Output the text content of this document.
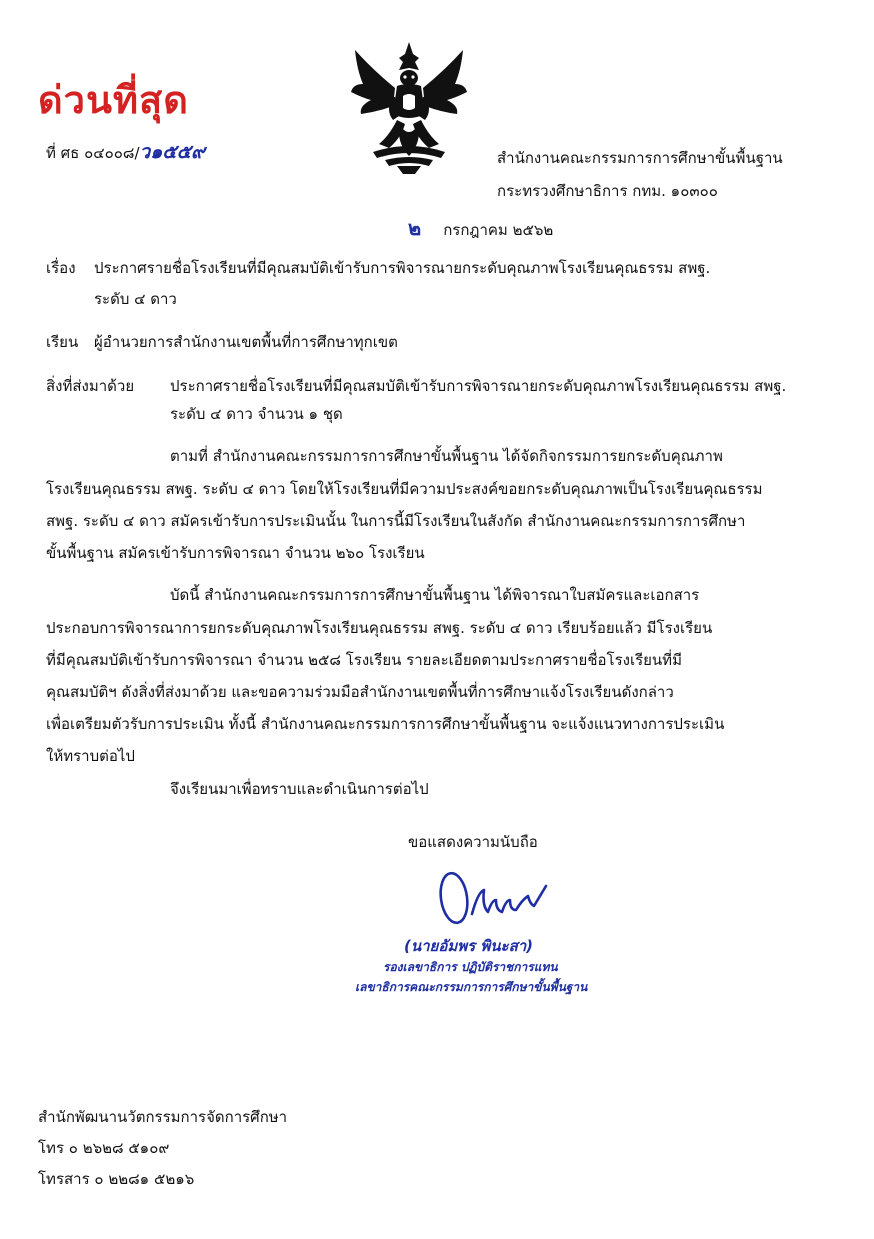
ด่วนที่สุด
ที่ ศธ ๐๔๐๐๘/ว๑๕๕๙	สำนักงานคณะกรรมการการศึกษาขั้นพื้นฐาน
กระทรวงศึกษาธิการ กทม. ๑๐๓๐๐
๒ กรกฎาคม ๒๕๖๒
เรื่อง ประกาศรายชื่อโรงเรียนที่มีคุณสมบัติเข้ารับการพิจารณายกระดับคุณภาพโรงเรียนคุณธรรม สพฐ.
ระดับ ๔ ดาว
เรียน ผู้อำนวยการสำนักงานเขตพื้นที่การศึกษาทุกเขต
สิ่งที่ส่งมาด้วย ประกาศรายชื่อโรงเรียนที่มีคุณสมบัติเข้ารับการพิจารณายกระดับคุณภาพโรงเรียนคุณธรรม สพฐ.
ระดับ ๔ ดาว จำนวน ๑ ชุด
ตามที่ สำนักงานคณะกรรมการการศึกษาขั้นพื้นฐาน ได้จัดกิจกรรมการยกระดับคุณภาพ
โรงเรียนคุณธรรม สพฐ. ระดับ ๔ ดาว โดยให้โรงเรียนที่มีความประสงค์ขอยกระดับคุณภาพเป็นโรงเรียนคุณธรรม
สพฐ. ระดับ ๔ ดาว สมัครเข้ารับการประเมินนั้น ในการนี้มีโรงเรียนในสังกัด สำนักงานคณะกรรมการการศึกษา
ขั้นพื้นฐาน สมัครเข้ารับการพิจารณา จำนวน ๒๖๐ โรงเรียน
บัดนี้ สำนักงานคณะกรรมการการศึกษาขั้นพื้นฐาน ได้พิจารณาใบสมัครและเอกสาร
ประกอบการพิจารณาการยกระดับคุณภาพโรงเรียนคุณธรรม สพฐ. ระดับ ๔ ดาว เรียบร้อยแล้ว มีโรงเรียน
ที่มีคุณสมบัติเข้ารับการพิจารณา จำนวน ๒๕๘ โรงเรียน รายละเอียดตามประกาศรายชื่อโรงเรียนที่มี
คุณสมบัติฯ ดังสิ่งที่ส่งมาด้วย และขอความร่วมมือสำนักงานเขตพื้นที่การศึกษาแจ้งโรงเรียนดังกล่าว
เพื่อเตรียมตัวรับการประเมิน ทั้งนี้ สำนักงานคณะกรรมการการศึกษาขั้นพื้นฐาน จะแจ้งแนวทางการประเมิน
ให้ทราบต่อไป
จึงเรียนมาเพื่อทราบและดำเนินการต่อไป
ขอแสดงความนับถือ
(นายอัมพร พินะสา)
รองเลขาธิการ ปฏิบัติราชการแทน
เลขาธิการคณะกรรมการการศึกษาขั้นพื้นฐาน
สำนักพัฒนานวัตกรรมการจัดการศึกษา
โทร ๐ ๒๖๒๘ ๕๑๐๙
โทรสาร ๐ ๒๒๘๑ ๕๒๑๖
